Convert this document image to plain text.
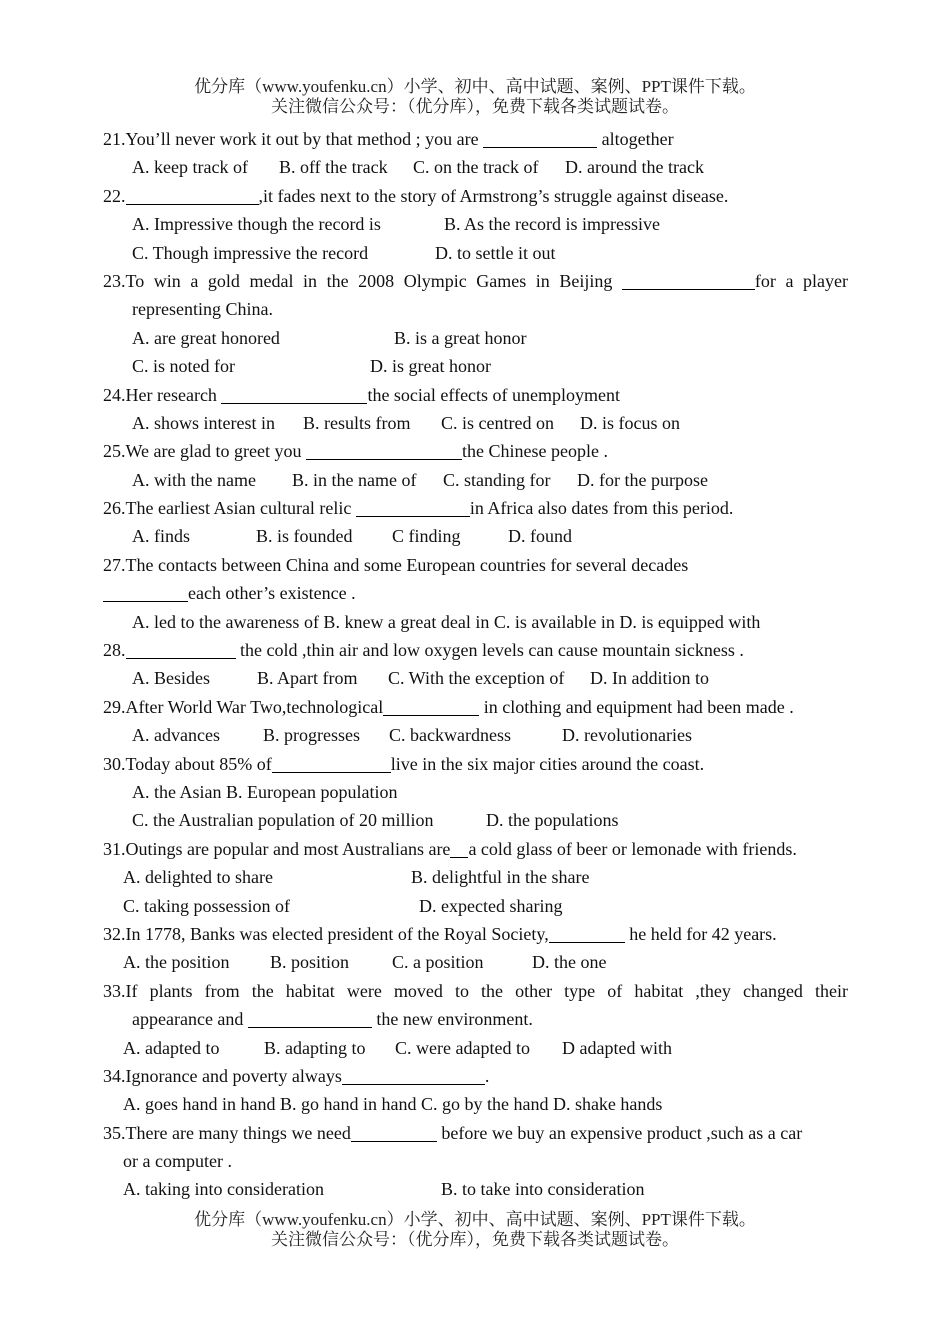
优分库（www.youfenku.cn）小学、初中、高中试题、案例、PPT课件下载。
关注微信公众号：（优分库），免费下载各类试题试卷。
21.You’ll never work it out by that method ; you are	altogether
A. keep track of B. off the track C. on the track of D. around the track
22.	,it fades next to the story of Armstrong’s struggle against disease.
A. Impressive though the record is	B. As the record is impressive
C. Though impressive the record	D. to settle it out
23.To win a gold medal in the 2008 Olympic Games in Beijing	for a player
representing China.
A. are great honored	B. is a great honor
C. is noted for	D. is great honor
24.Her research	the social effects of unemployment
A. shows interest in B. results from C. is centred on D. is focus on
25.We are glad to greet you	the Chinese people .
A. with the name B. in the name of C. standing for D. for the purpose
26.The earliest Asian cultural relic	in Africa also dates from this period.
A. finds	B. is founded C finding	D. found
27.The contacts between China and some European countries for several decades
each other’s existence .
A. led to the awareness of B. knew a great deal in C. is available in D. is equipped with
28.	the cold ,thin air and low oxygen levels can cause mountain sickness .
A. Besides	B. Apart from C. With the exception of D. In addition to
29.After World War Two,technological	in clothing and equipment had been made .
A. advances B. progresses C. backwardness	D. revolutionaries
30.Today about 85% of	live in the six major cities around the coast.
A. the Asian B. European population
C. the Australian population of 20 million	D. the populations
31.Outings are popular and most Australians are a cold glass of beer or lemonade with friends.
A. delighted to share	B. delightful in the share
C. taking possession of	D. expected sharing
32.In 1778, Banks was elected president of the Royal Society,	he held for 42 years.
A. the position B. position C. a position	D. the one
33.If plants from the habitat were moved to the other type of habitat ,they changed their
appearance and	the new environment.
A. adapted to B. adapting to C. were adapted to D adapted with
34.Ignorance and poverty always	.
A. goes hand in hand B. go hand in hand C. go by the hand D. shake hands
35.There are many things we need	before we buy an expensive product ,such as a car
or a computer .
A. taking into consideration	B. to take into consideration
优分库（www.youfenku.cn）小学、初中、高中试题、案例、PPT课件下载。
关注微信公众号：（优分库），免费下载各类试题试卷。
